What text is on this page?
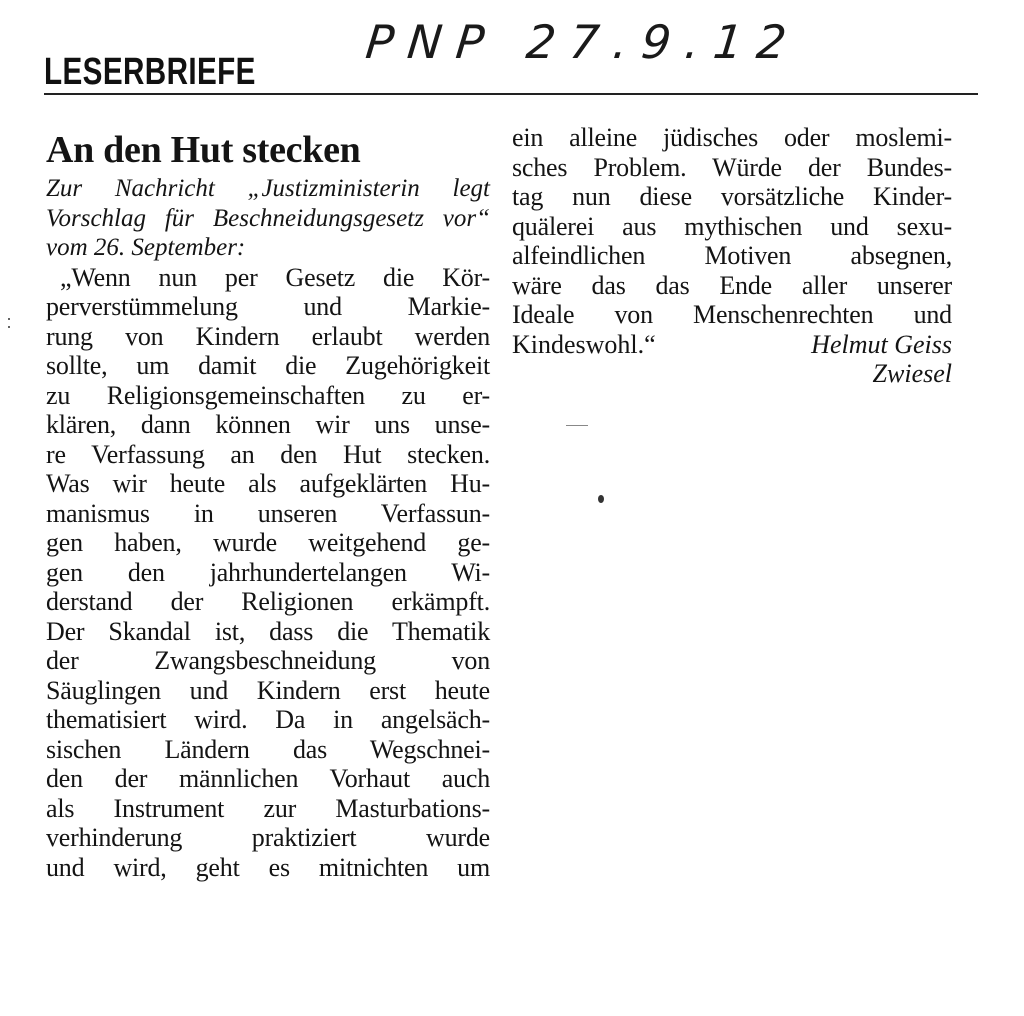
LESERBRIEFE
PNP 27.9.12
An den Hut stecken

Zur Nachricht „Justizministerin legt Vorschlag für Beschneidungsgesetz vor“ vom 26. September:

„Wenn nun per Gesetz die Kör-
perverstümmelung und Markie-
rung von Kindern erlaubt werden
sollte, um damit die Zugehörigkeit
zu Religionsgemeinschaften zu er-
klären, dann können wir uns unse-
re Verfassung an den Hut stecken.
Was wir heute als aufgeklärten Hu-
manismus in unseren Verfassun-
gen haben, wurde weitgehend ge-
gen den jahrhundertelangen Wi-
derstand der Religionen erkämpft.
Der Skandal ist, dass die Thematik
der Zwangsbeschneidung von
Säuglingen und Kindern erst heute
thematisiert wird. Da in angelsäch-
sischen Ländern das Wegschnei-
den der männlichen Vorhaut auch
als Instrument zur Masturbations-
verhinderung praktiziert wurde
und wird, geht es mitnichten um
ein alleine jüdisches oder moslemi-
sches Problem. Würde der Bundes-
tag nun diese vorsätzliche Kinder-
quälerei aus mythischen und sexu-
alfeindlichen Motiven absegnen,
wäre das das Ende aller unserer
Ideale von Menschenrechten und
Kindeswohl.“	Helmut Geiss
Zwiesel
